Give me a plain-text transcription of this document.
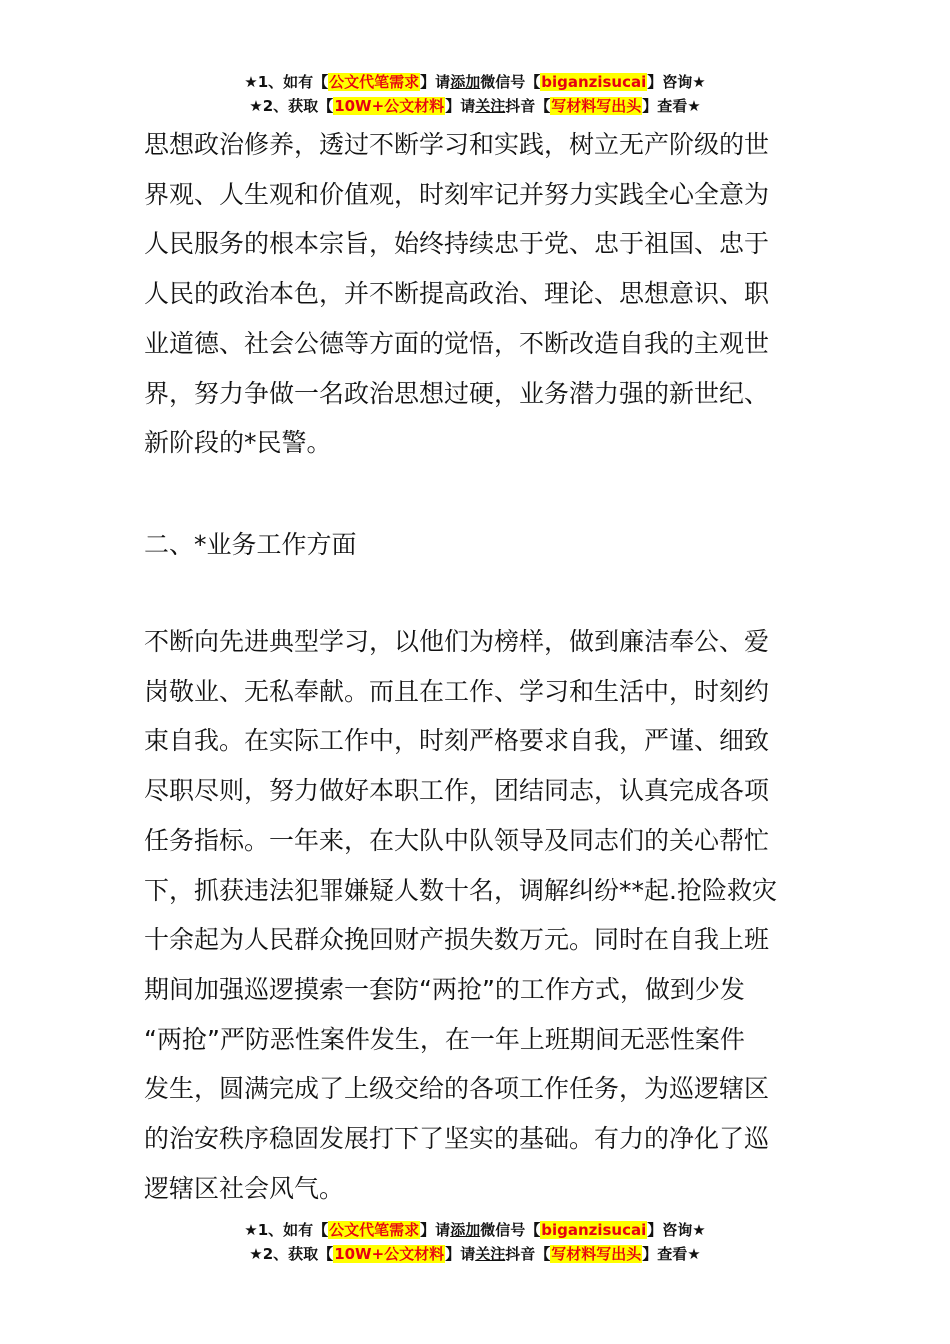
★1、如有【公文代笔需求】请添加微信号【biganzisucai】咨询★
★2、获取【10W+公文材料】请关注抖音【写材料写出头】查看★

思想政治修养，透过不断学习和实践，树立无产阶级的世

界观、人生观和价值观，时刻牢记并努力实践全心全意为

人民服务的根本宗旨，始终持续忠于党、忠于祖国、忠于

人民的政治本色，并不断提高政治、理论、思想意识、职

业道德、社会公德等方面的觉悟，不断改造自我的主观世

界，努力争做一名政治思想过硬，业务潜力强的新世纪、

新阶段的*民警。

二、*业务工作方面

不断向先进典型学习，以他们为榜样，做到廉洁奉公、爱

岗敬业、无私奉献。而且在工作、学习和生活中，时刻约

束自我。在实际工作中，时刻严格要求自我，严谨、细致

尽职尽则，努力做好本职工作，团结同志，认真完成各项

任务指标。一年来，在大队中队领导及同志们的关心帮忙

下，抓获违法犯罪嫌疑人数十名，调解纠纷**起.抢险救灾

十余起为人民群众挽回财产损失数万元。同时在自我上班

期间加强巡逻摸索一套防“两抢”的工作方式，做到少发

“两抢”严防恶性案件发生，在一年上班期间无恶性案件

发生，圆满完成了上级交给的各项工作任务，为巡逻辖区

的治安秩序稳固发展打下了坚实的基础。有力的净化了巡

逻辖区社会风气。

★1、如有【公文代笔需求】请添加微信号【biganzisucai】咨询★
★2、获取【10W+公文材料】请关注抖音【写材料写出头】查看★
